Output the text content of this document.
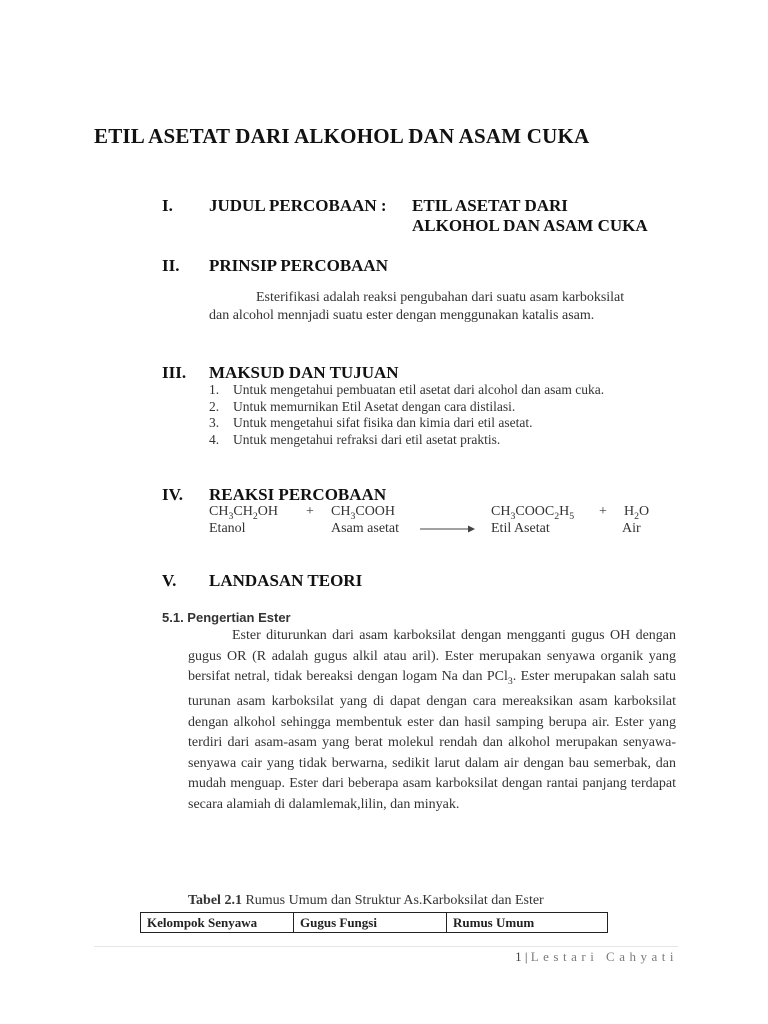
ETIL ASETAT DARI ALKOHOL DAN ASAM CUKA
I. JUDUL PERCOBAAN : ETIL ASETAT DARI
ALKOHOL DAN ASAM CUKA
II. PRINSIP PERCOBAAN
Esterifikasi adalah reaksi pengubahan dari suatu asam karboksilat
dan alcohol mennjadi suatu ester dengan menggunakan katalis asam.
III. MAKSUD DAN TUJUAN
1. Untuk mengetahui pembuatan etil asetat dari alcohol dan asam cuka.
2. Untuk memurnikan Etil Asetat dengan cara distilasi.
3. Untuk mengetahui sifat fisika dan kimia dari etil asetat.
4. Untuk mengetahui refraksi dari etil asetat praktis.
IV. REAKSI PERCOBAAN
$CH_3CH_2OH$ + $CH_3COOH$	$CH_3COOC_2H_5 + H_2O$
Etanol	Asam asetat → Etil Asetat	Air
V. LANDASAN TEORI
5.1. Pengertian Ester
Ester diturunkan dari asam karboksilat dengan mengganti gugus OH dengan gugus OR (R adalah gugus alkil atau aril). Ester merupakan senyawa organik yang bersifat netral, tidak bereaksi dengan logam Na dan PCl$_3$. Ester merupakan salah satu turunan asam karboksilat yang di dapat dengan cara mereaksikan asam karboksilat dengan alkohol sehingga membentuk ester dan hasil samping berupa air. Ester yang terdiri dari asam-asam yang berat molekul rendah dan alkohol merupakan senyawa-senyawa cair yang tidak berwarna, sedikit larut dalam air dengan bau semerbak, dan mudah menguap. Ester dari beberapa asam karboksilat dengan rantai panjang terdapat secara alamiah di dalamlemak,lilin, dan minyak.
Tabel 2.1 Rumus Umum dan Struktur As.Karboksilat dan Ester
Kelompok Senyawa	Gugus Fungsi	Rumus Umum
1 | Lestari Cahyati
